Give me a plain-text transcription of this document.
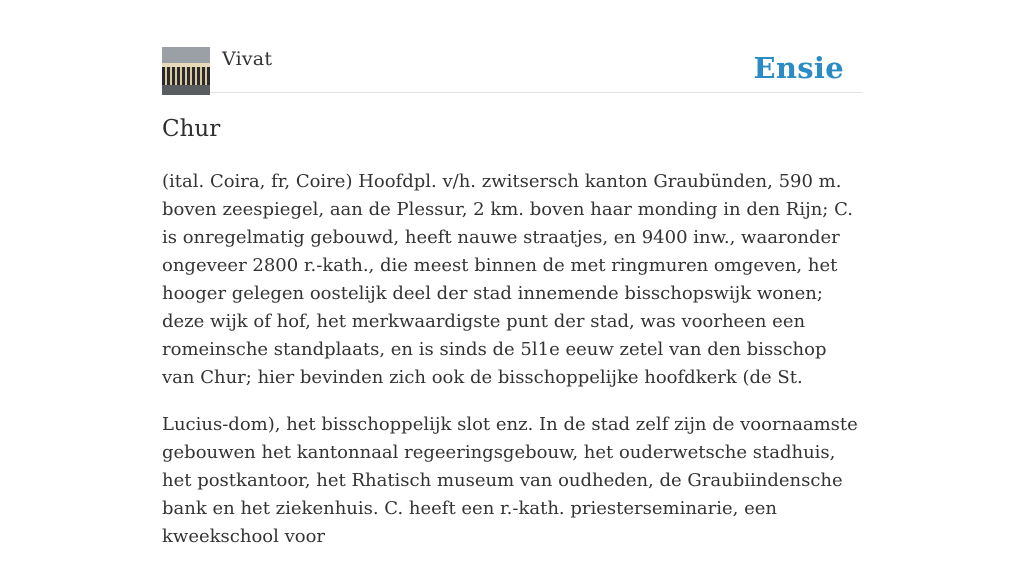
Vivat	Ensie
Chur

(ital. Coira, fr, Coire) Hoofdpl. v/h. zwitsersch kanton Graubünden, 590 m. boven zeespiegel, aan de Plessur, 2 km. boven haar monding in den Rijn; C. is onregelmatig gebouwd, heeft nauwe straatjes, en 9400 inw., waaronder ongeveer 2800 r.-kath., die meest binnen de met ringmuren omgeven, het hooger gelegen oostelijk deel der stad innemende bisschopswijk wonen; deze wijk of hof, het merkwaardigste punt der stad, was voorheen een romeinsche standplaats, en is sinds de 5l1e eeuw zetel van den bisschop van Chur; hier bevinden zich ook de bisschoppelijke hoofdkerk (de St.

Lucius-dom), het bisschoppelijk slot enz. In de stad zelf zijn de voornaamste gebouwen het kantonnaal regeeringsgebouw, het ouderwetsche stadhuis, het postkantoor, het Rhatisch museum van oudheden, de Graubiindensche bank en het ziekenhuis. C. heeft een r.-kath. priesterseminarie, een kweekschool voor
